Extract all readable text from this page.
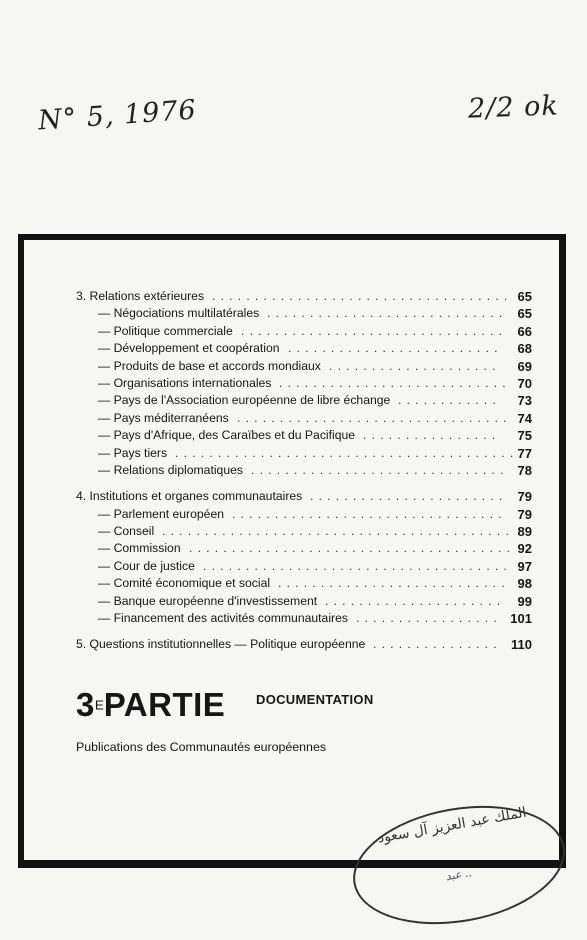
N° 5, 1976	2/2 ok
3. Relations extérieures ................................... 65
— Négociations multilatérales ............................ 65
— Politique commerciale ............................... 66
— Développement et coopération ......................... 68
— Produits de base et accords mondiaux .................... 69
— Organisations internationales ........................... 70
— Pays de l'Association européenne de libre échange ............ 73
— Pays méditerranéens ................................ 74
— Pays d'Afrique, des Caraïbes et du Pacifique ................ 75
— Pays tiers ........................................ 77
— Relations diplomatiques .............................. 78
4. Institutions et organes communautaires ....................... 79
— Parlement européen ................................ 79
— Conseil ......................................... 89
— Commission ...................................... 92
— Cour de justice .................................... 97
— Comité économique et social ........................... 98
— Banque européenne d'investissement ..................... 99
— Financement des activités communautaires ................. 101
5. Questions institutionnelles — Politique européenne ............... 110
$3^EPARTIE$ DOCUMENTATION
Publications des Communautés européennes
الملك عبد العزيز آل سعود
عبد ..
